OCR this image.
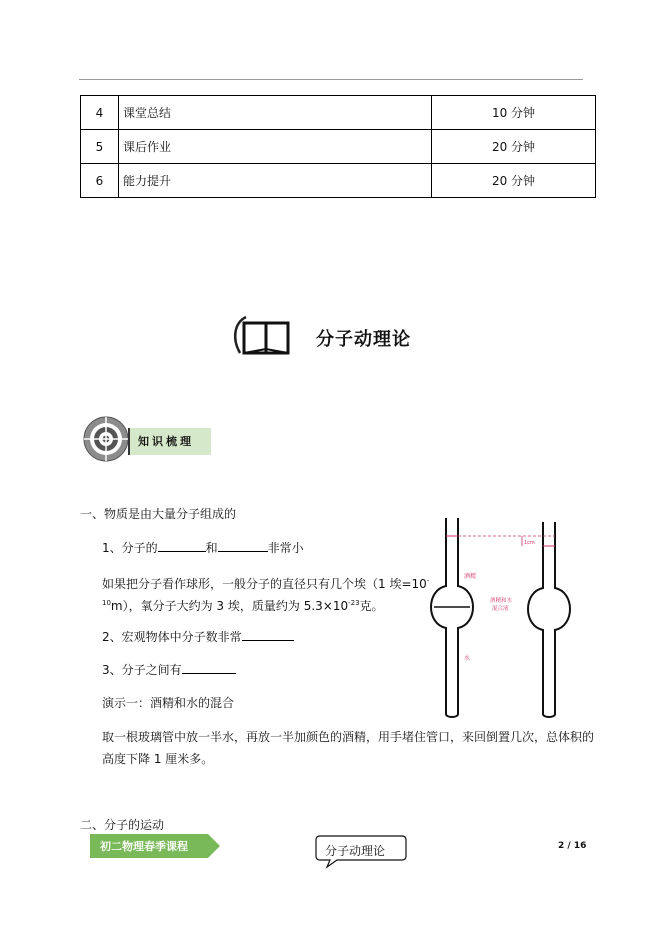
4	课堂总结	10 分钟
5	课后作业	20 分钟
6	能力提升	20 分钟
分子动理论
知识梳理
一、物质是由大量分子组成的
1、分子的	和	非常小
如果把分子看作球形，一般分子的直径只有几个埃（1 埃=10-
$^{10}$m），氧分子大约为 3 埃，质量约为 $5.3\times 10^{-23}$克。
2、宏观物体中分子数非常
3、分子之间有
演示一：酒精和水的混合
取一根玻璃管中放一半水，再放一半加颜色的酒精，用手堵住管口，来回倒置几次，总体积的
高度下降 1 厘米多。
1cm
酒精
水
酒精和水
混合液
二、分子的运动
初二物理春季课程	分子动理论	2 / 16
